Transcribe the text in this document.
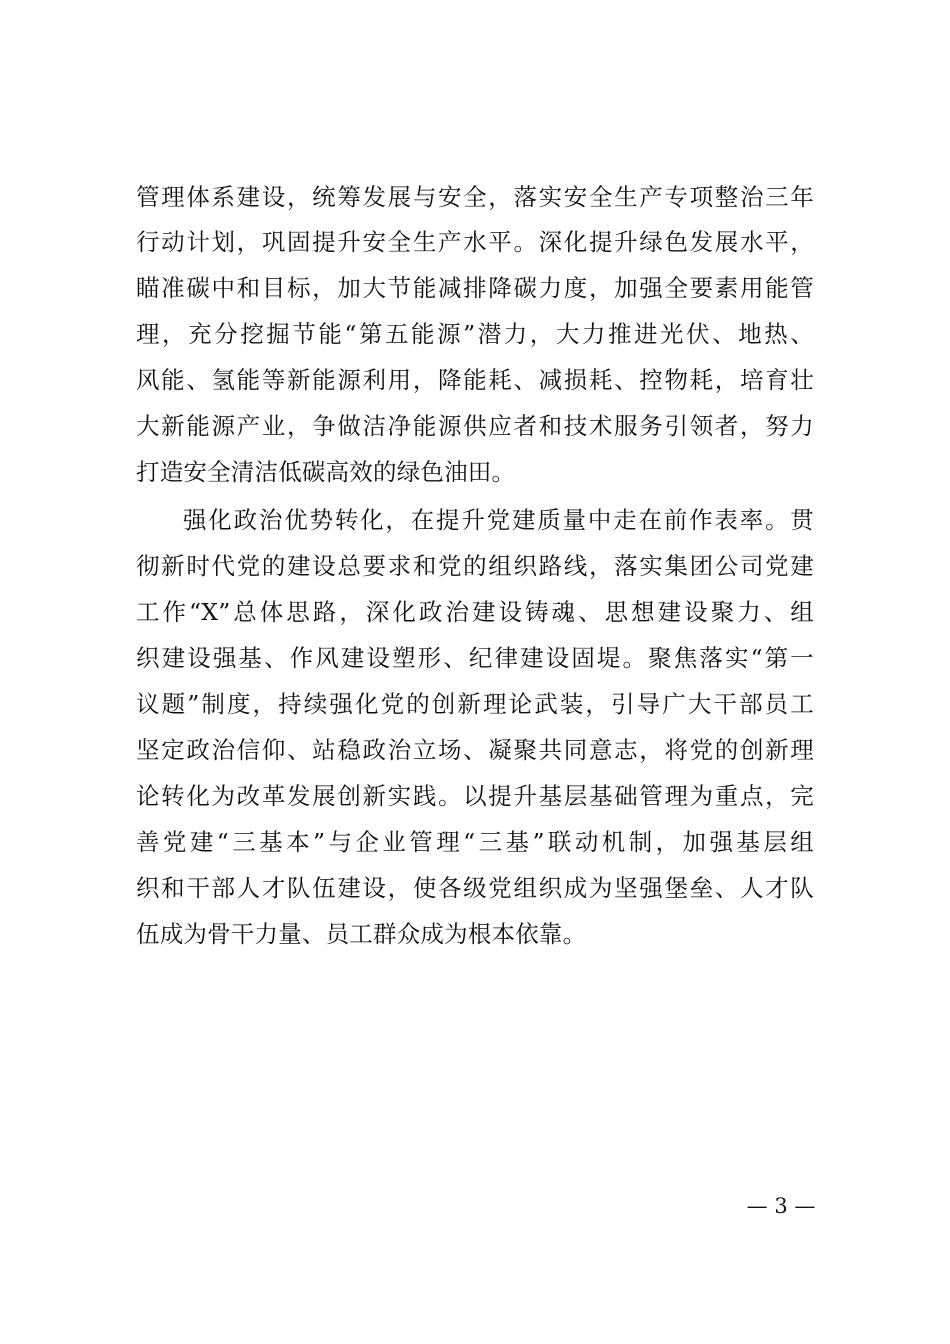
管理体系建设，统筹发展与安全，落实安全生产专项整治三年
行动计划，巩固提升安全生产水平。深化提升绿色发展水平，
瞄准碳中和目标，加大节能减排降碳力度，加强全要素用能管
理，充分挖掘节能“第五能源”潜力，大力推进光伏、地热、
风能、氢能等新能源利用，降能耗、减损耗、控物耗，培育壮
大新能源产业，争做洁净能源供应者和技术服务引领者，努力
打造安全清洁低碳高效的绿色油田。
强化政治优势转化，在提升党建质量中走在前作表率。贯
彻新时代党的建设总要求和党的组织路线，落实集团公司党建
工作“X”总体思路，深化政治建设铸魂、思想建设聚力、组
织建设强基、作风建设塑形、纪律建设固堤。聚焦落实“第一
议题”制度，持续强化党的创新理论武装，引导广大干部员工
坚定政治信仰、站稳政治立场、凝聚共同意志，将党的创新理
论转化为改革发展创新实践。以提升基层基础管理为重点，完
善党建“三基本”与企业管理“三基”联动机制，加强基层组
织和干部人才队伍建设，使各级党组织成为坚强堡垒、人才队
伍成为骨干力量、员工群众成为根本依靠。
— 3 —
